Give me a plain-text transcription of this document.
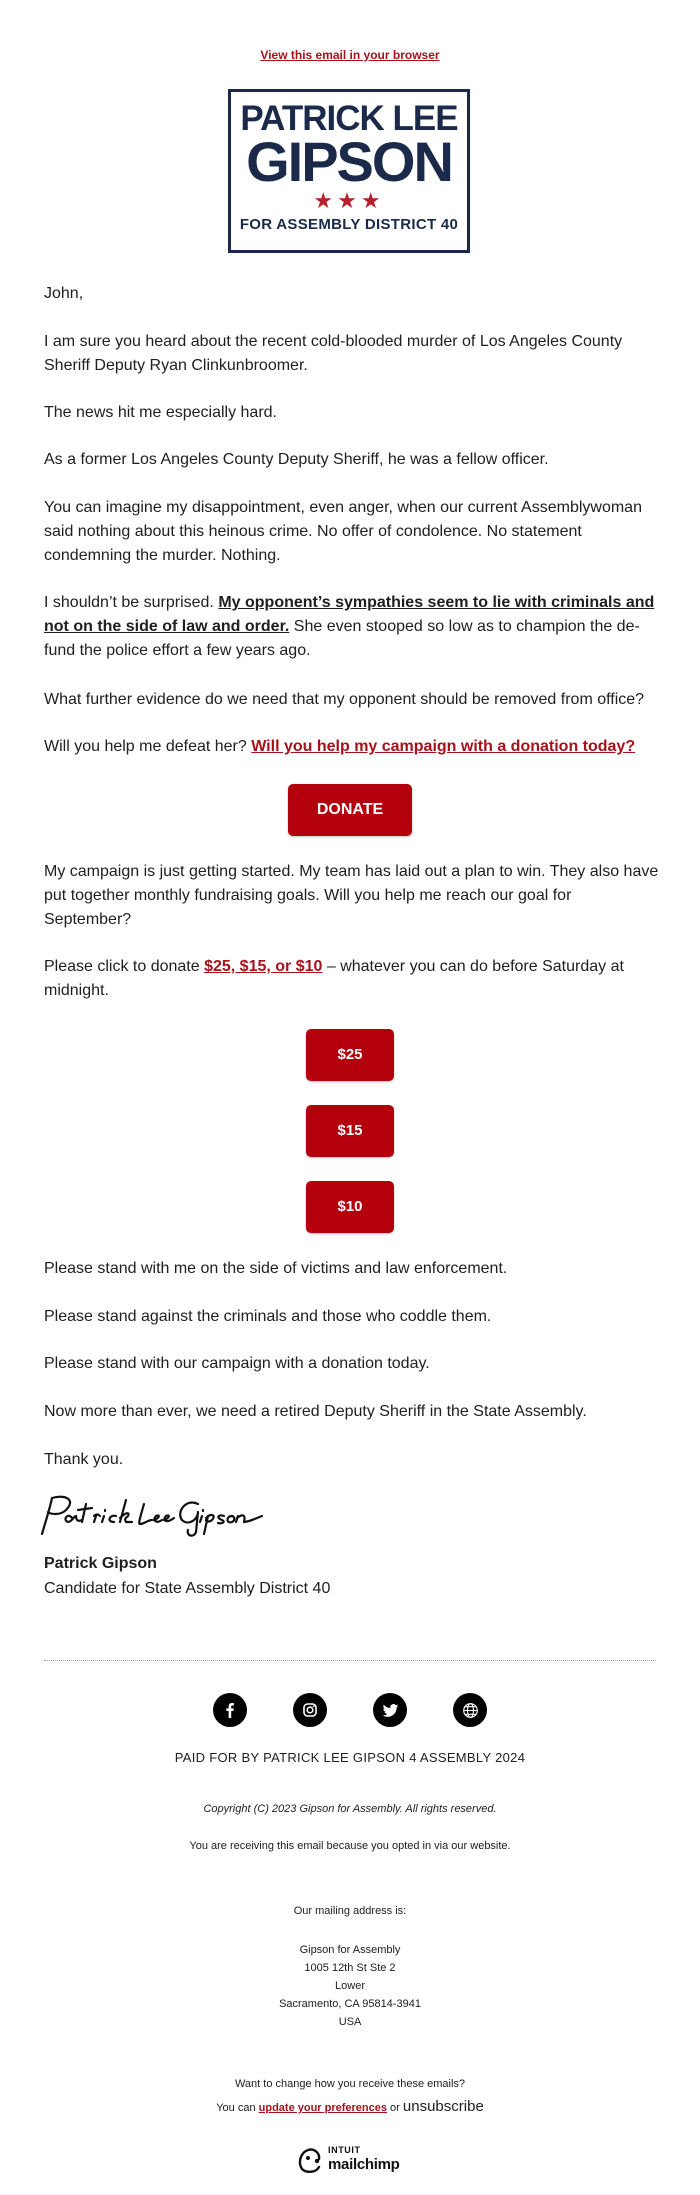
View this email in your browser
PATRICK LEE
GIPSON
★★★
FOR ASSEMBLY DISTRICT 40

John,

I am sure you heard about the recent cold-blooded murder of Los Angeles County Sheriff Deputy Ryan Clinkunbroomer.

The news hit me especially hard.

As a former Los Angeles County Deputy Sheriff, he was a fellow officer.

You can imagine my disappointment, even anger, when our current Assemblywoman said nothing about this heinous crime. No offer of condolence. No statement condemning the murder. Nothing.

I shouldn’t be surprised. My opponent’s sympathies seem to lie with criminals and not on the side of law and order. She even stooped so low as to champion the de-fund the police effort a few years ago.

What further evidence do we need that my opponent should be removed from office?

Will you help me defeat her? Will you help my campaign with a donation today?

DONATE

My campaign is just getting started. My team has laid out a plan to win. They also have put together monthly fundraising goals. Will you help me reach our goal for September?

Please click to donate $25, $15, or $10 – whatever you can do before Saturday at midnight.

$25
$15
$10

Please stand with me on the side of victims and law enforcement.

Please stand against the criminals and those who coddle them.

Please stand with our campaign with a donation today.

Now more than ever, we need a retired Deputy Sheriff in the State Assembly.

Thank you.

Patrick Gipson
Candidate for State Assembly District 40
PAID FOR BY PATRICK LEE GIPSON 4 ASSEMBLY 2024
Copyright (C) 2023 Gipson for Assembly. All rights reserved.
You are receiving this email because you opted in via our website.
Our mailing address is:
Gipson for Assembly
1005 12th St Ste 2
Lower
Sacramento, CA 95814-3941
USA
Want to change how you receive these emails?
You can update your preferences or unsubscribe
INTUIT
mailchimp
